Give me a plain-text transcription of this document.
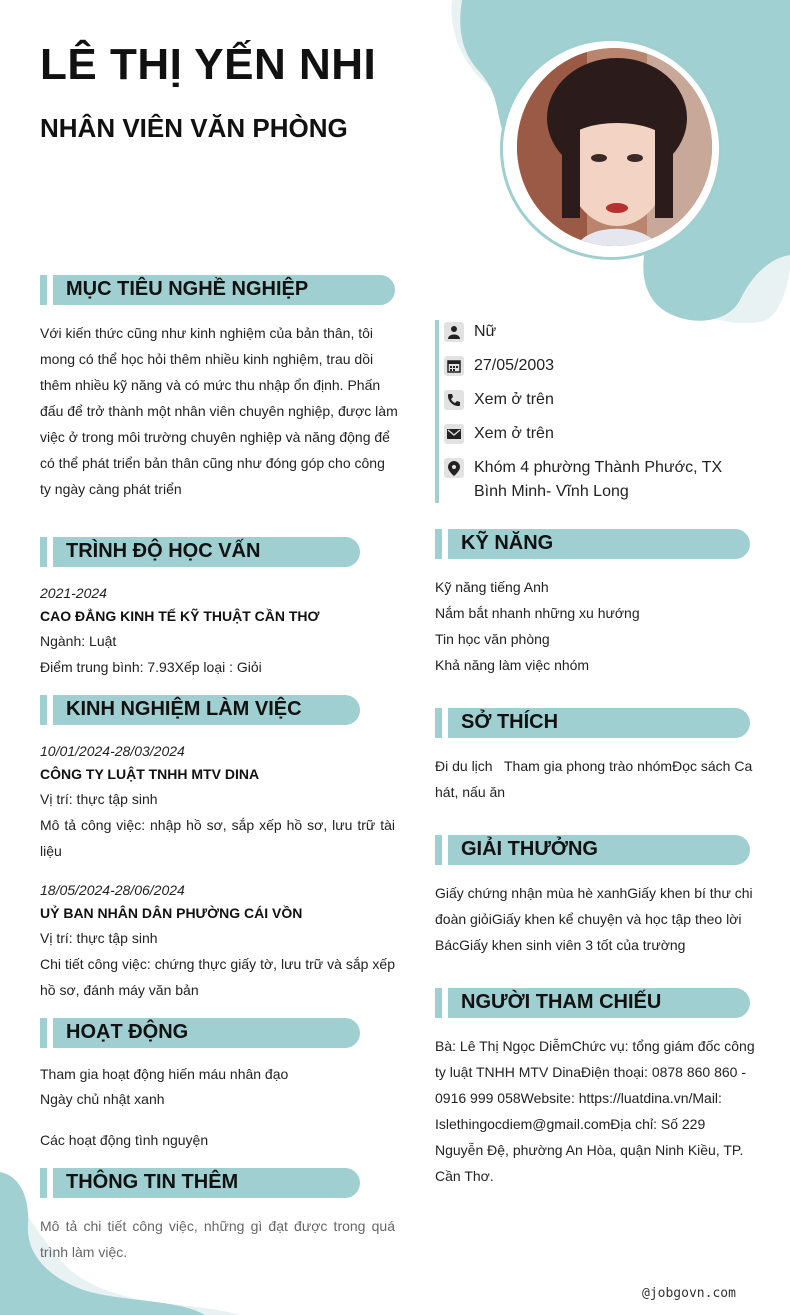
LÊ THỊ YẾN NHI
NHÂN VIÊN VĂN PHÒNG
MỤC TIÊU NGHỀ NGHIỆP
Với kiến thức cũng như kinh nghiệm của bản thân, tôi
mong có thể học hỏi thêm nhiều kinh nghiệm, trau dồi
thêm nhiều kỹ năng và có mức thu nhập ổn định. Phấn
đấu để trở thành một nhân viên chuyên nghiệp, được làm
việc ở trong môi trường chuyên nghiệp và năng động để
có thể phát triển bản thân cũng như đóng góp cho công
ty ngày càng phát triển
TRÌNH ĐỘ HỌC VẤN
2021-2024
CAO ĐẲNG KINH TẾ KỸ THUẬT CẦN THƠ
Ngành: Luật
Điểm trung bình: 7.93Xếp loại : Giỏi
KINH NGHIỆM LÀM VIỆC
10/01/2024-28/03/2024
CÔNG TY LUẬT TNHH MTV DINA
Vị trí: thực tập sinh
Mô tả công việc: nhập hồ sơ, sắp xếp hồ sơ, lưu trữ tài liệu
18/05/2024-28/06/2024
UỶ BAN NHÂN DÂN PHƯỜNG CÁI VỒN
Vị trí: thực tập sinh
Chi tiết công việc: chứng thực giấy tờ, lưu trữ và sắp xếp hồ sơ, đánh máy văn bản
HOẠT ĐỘNG
Tham gia hoạt động hiến máu nhân đạo
Ngày chủ nhật xanh
Các hoạt động tình nguyện
THÔNG TIN THÊM
Mô tả chi tiết công việc, những gì đạt được trong quá trình làm việc.
Nữ
27/05/2003
Xem ở trên
Xem ở trên
Khóm 4 phường Thành Phước, TX Bình Minh- Vĩnh Long
KỸ NĂNG
Kỹ năng tiếng Anh
Nắm bắt nhanh những xu hướng
Tin học văn phòng
Khả năng làm việc nhóm
SỞ THÍCH
Đi du lịch   Tham gia phong trào nhómĐọc sách Ca
hát, nấu ăn
GIẢI THƯỞNG
Giấy chứng nhận mùa hè xanhGiấy khen bí thư chi
đoàn giỏiGiấy khen kể chuyện và học tập theo lời
BácGiấy khen sinh viên 3 tốt của trường
NGƯỜI THAM CHIẾU
Bà: Lê Thị Ngọc DiễmChức vụ: tổng giám đốc công
ty luật TNHH MTV DinaĐiện thoại: 0878 860 860 -
0916 999 058Website: https://luatdina.vn/Mail:
Islethingocdiem@gmail.comĐịa chỉ: Số 229
Nguyễn Đệ, phường An Hòa, quận Ninh Kiều, TP.
Cần Thơ.
@jobgovn.com
